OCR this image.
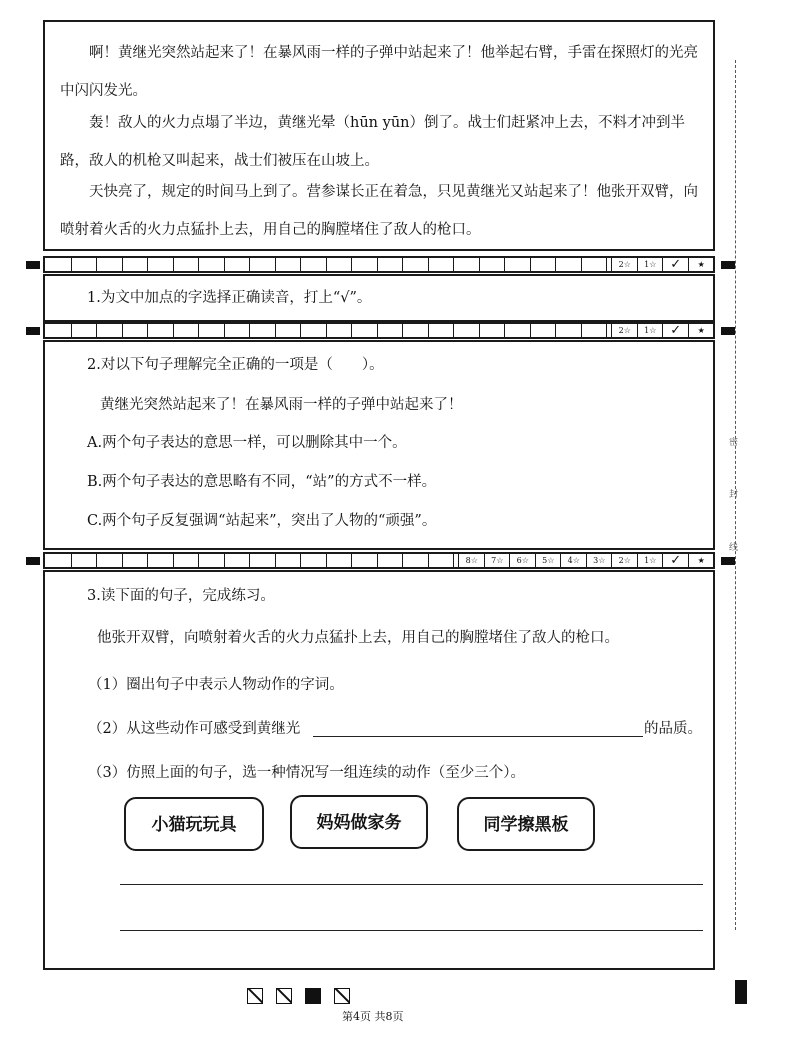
啊！黄继光突然站起来了！在暴风雨一样的子弹中站起来了！他举起右臂，手雷在探照灯的光亮中闪闪发光。

轰！敌人的火力点塌了半边，黄继光晕（hūn yūn）倒了。战士们赶紧冲上去，不料才冲到半路，敌人的机枪又叫起来，战士们被压在山坡上。

天快亮了，规定的时间马上到了。营参谋长正在着急，只见黄继光又站起来了！他张开双臂，向喷射着火舌的火力点猛扑上去，用自己的胸膛堵住了敌人的枪口。

2☆	1☆	✓	★
1.为文中加点的字选择正确读音，打上“√”。
2☆	1☆	✓	★
2.对以下句子理解完全正确的一项是（　　）。
黄继光突然站起来了！在暴风雨一样的子弹中站起来了！
A.两个句子表达的意思一样，可以删除其中一个。
B.两个句子表达的意思略有不同，“站”的方式不一样。
C.两个句子反复强调“站起来”，突出了人物的“顽强”。
8☆	7☆	6☆	5☆	4☆	3☆	2☆	1☆	✓	★
3.读下面的句子，完成练习。
他张开双臂，向喷射着火舌的火力点猛扑上去，用自己的胸膛堵住了敌人的枪口。
（1）圈出句子中表示人物动作的字词。
（2）从这些动作可感受到黄继光	的品质。
（3）仿照上面的句子，选一种情况写一组连续的动作（至少三个）。
小猫玩玩具	妈妈做家务	同学擦黑板
密
封
线
第4页 共8页
